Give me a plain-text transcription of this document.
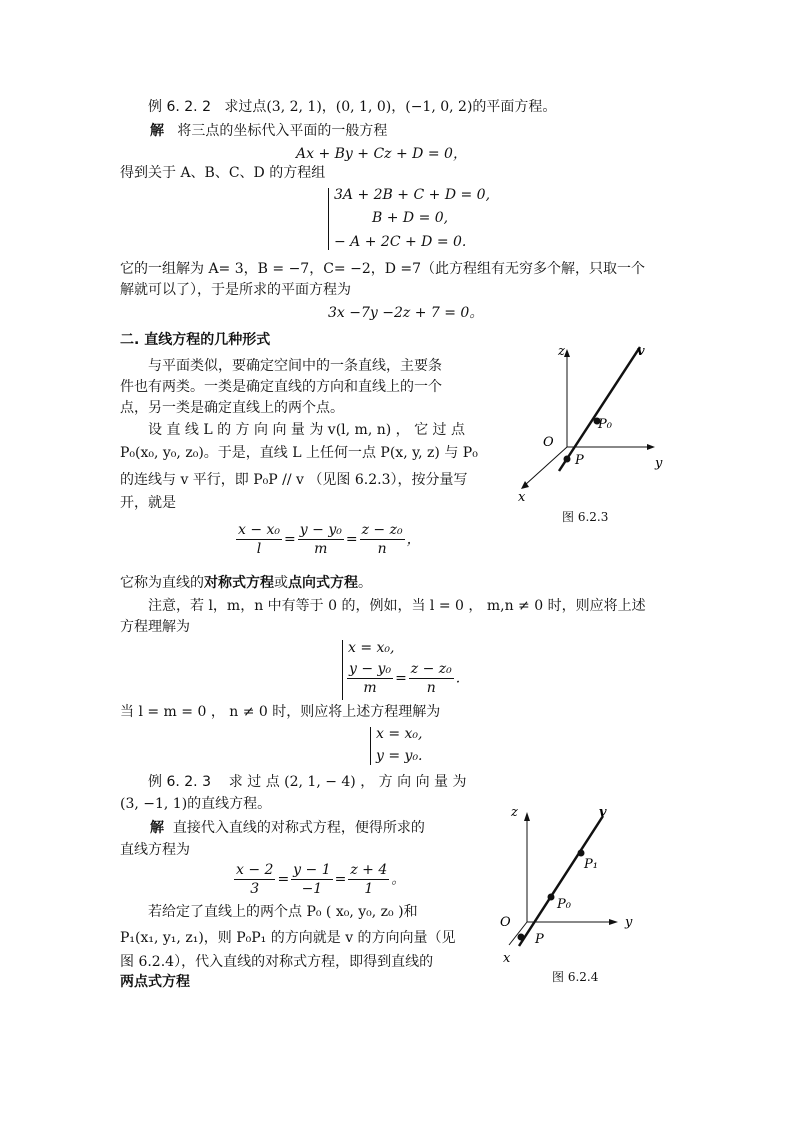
例 6. 2. 2 求过点(3, 2, 1)，(0, 1, 0)，(−1, 0, 2)的平面方程。
解 将三点的坐标代入平面的一般方程
Ax + By + Cz + D = 0，
得到关于 A、B、C、D 的方程组
3A + 2B + C + D = 0,
B + D = 0,
− A + 2C + D = 0.
它的一组解为 A= 3，B = −7，C= −2，D =7（此方程组有无穷多个解，只取一个
解就可以了），于是所求的平面方程为
3x −7y −2z + 7 = 0。
二. 直线方程的几种形式
与平面类似，要确定空间中的一条直线，主要条
件也有两类。一类是确定直线的方向和直线上的一个
点，另一类是确定直线上的两个点。
设 直 线 L 的 方 向 向 量 为 v(l, m, n) ， 它 过 点
P₀(x₀, y₀, z₀)。于是，直线 L 上任何一点 P(x, y, z) 与 P₀
的连线与 v 平行，即 P₀P // v （见图 6.2.3），按分量写
开，就是
$\frac{\text{x − x₀}}{l} = \frac{\text{y − y₀}}{m} = \frac{\text{z − z₀}}{n}$ ，
它称为直线的对称式方程或点向式方程。
注意，若 l，m，n 中有等于 0 的，例如，当 l = 0 ， m,n ≠ 0 时，则应将上述
方程理解为
x = x₀,
$\frac{\text{y − y₀}}{m} = \frac{\text{z − z₀}}{n}$ .
当 l = m = 0 ， n ≠ 0 时，则应将上述方程理解为
x = x₀,
y = y₀.
例 6. 2. 3 求 过 点 (2, 1, − 4) ， 方 向 向 量 为
(3, −1, 1)的直线方程。
解 直接代入直线的对称式方程，便得所求的
直线方程为
$\frac{x - 2}{3} = \frac{y - 1}{-1} = \frac{z + 4}{1}$ 。
若给定了直线上的两个点 P₀ ( x₀, y₀, z₀ )和
P₁(x₁, y₁, z₁)，则 P₀P₁ 的方向就是 v 的方向向量（见
图 6.2.4），代入直线的对称式方程，即得到直线的
两点式方程
z	v
P₀
O
P	y
x
图 6.2.3
z	v
P₁
P₀
O
P
y
x
图 6.2.4
